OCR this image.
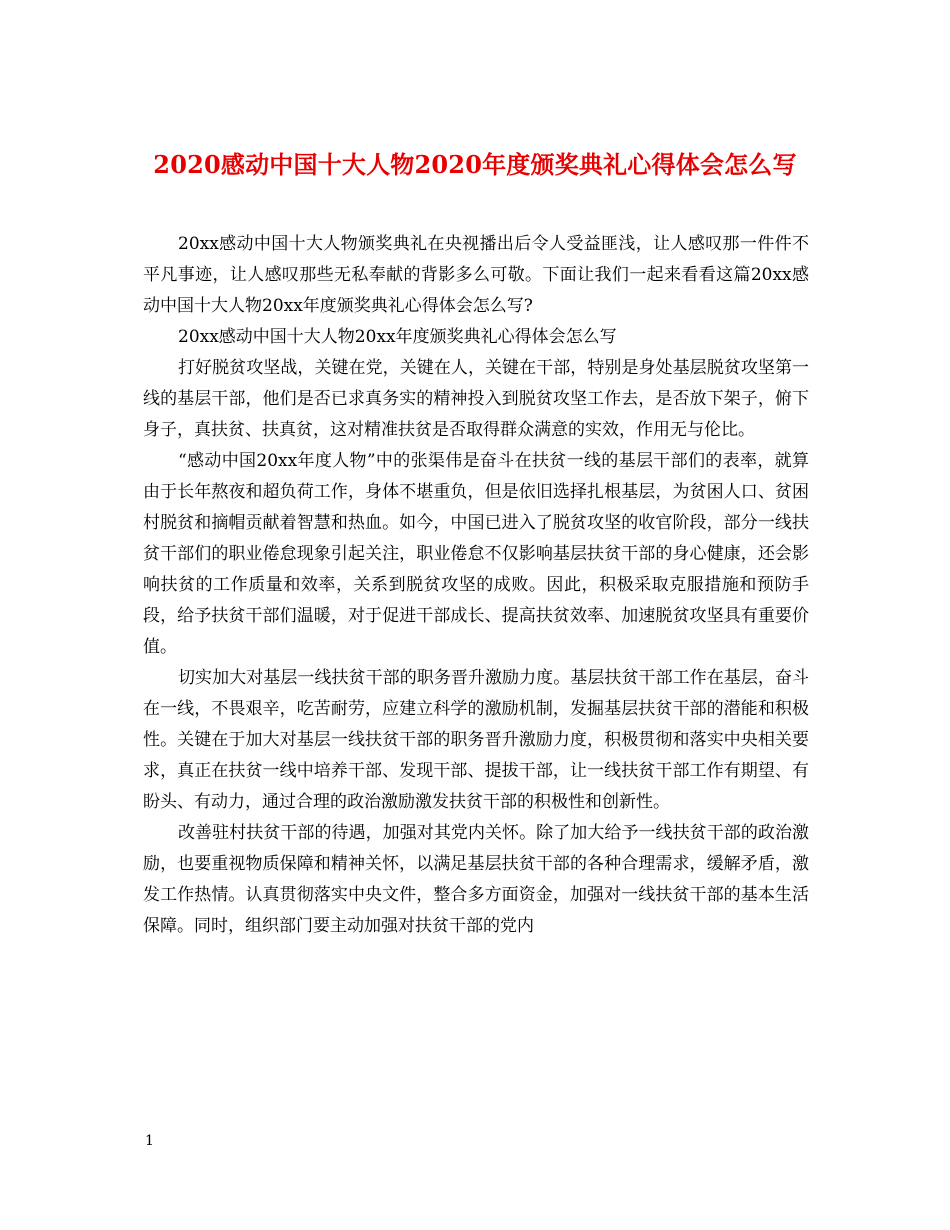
2020感动中国十大人物2020年度颁奖典礼心得体会怎么写

20xx感动中国十大人物颁奖典礼在央视播出后令人受益匪浅，让人感叹那一件件不平凡事迹，让人感叹那些无私奉献的背影多么可敬。下面让我们一起来看看这篇20xx感动中国十大人物20xx年度颁奖典礼心得体会怎么写?

20xx感动中国十大人物20xx年度颁奖典礼心得体会怎么写

打好脱贫攻坚战，关键在党，关键在人，关键在干部，特别是身处基层脱贫攻坚第一线的基层干部，他们是否已求真务实的精神投入到脱贫攻坚工作去，是否放下架子，俯下身子，真扶贫、扶真贫，这对精准扶贫是否取得群众满意的实效，作用无与伦比。

“感动中国20xx年度人物”中的张渠伟是奋斗在扶贫一线的基层干部们的表率，就算由于长年熬夜和超负荷工作，身体不堪重负，但是依旧选择扎根基层，为贫困人口、贫困村脱贫和摘帽贡献着智慧和热血。如今，中国已进入了脱贫攻坚的收官阶段，部分一线扶贫干部们的职业倦怠现象引起关注，职业倦怠不仅影响基层扶贫干部的身心健康，还会影响扶贫的工作质量和效率，关系到脱贫攻坚的成败。因此，积极采取克服措施和预防手段，给予扶贫干部们温暖，对于促进干部成长、提高扶贫效率、加速脱贫攻坚具有重要价值。

切实加大对基层一线扶贫干部的职务晋升激励力度。基层扶贫干部工作在基层，奋斗在一线，不畏艰辛，吃苦耐劳，应建立科学的激励机制，发掘基层扶贫干部的潜能和积极性。关键在于加大对基层一线扶贫干部的职务晋升激励力度，积极贯彻和落实中央相关要求，真正在扶贫一线中培养干部、发现干部、提拔干部，让一线扶贫干部工作有期望、有盼头、有动力，通过合理的政治激励激发扶贫干部的积极性和创新性。

改善驻村扶贫干部的待遇，加强对其党内关怀。除了加大给予一线扶贫干部的政治激励，也要重视物质保障和精神关怀，以满足基层扶贫干部的各种合理需求，缓解矛盾，激发工作热情。认真贯彻落实中央文件，整合多方面资金，加强对一线扶贫干部的基本生活保障。同时，组织部门要主动加强对扶贫干部的党内

1
